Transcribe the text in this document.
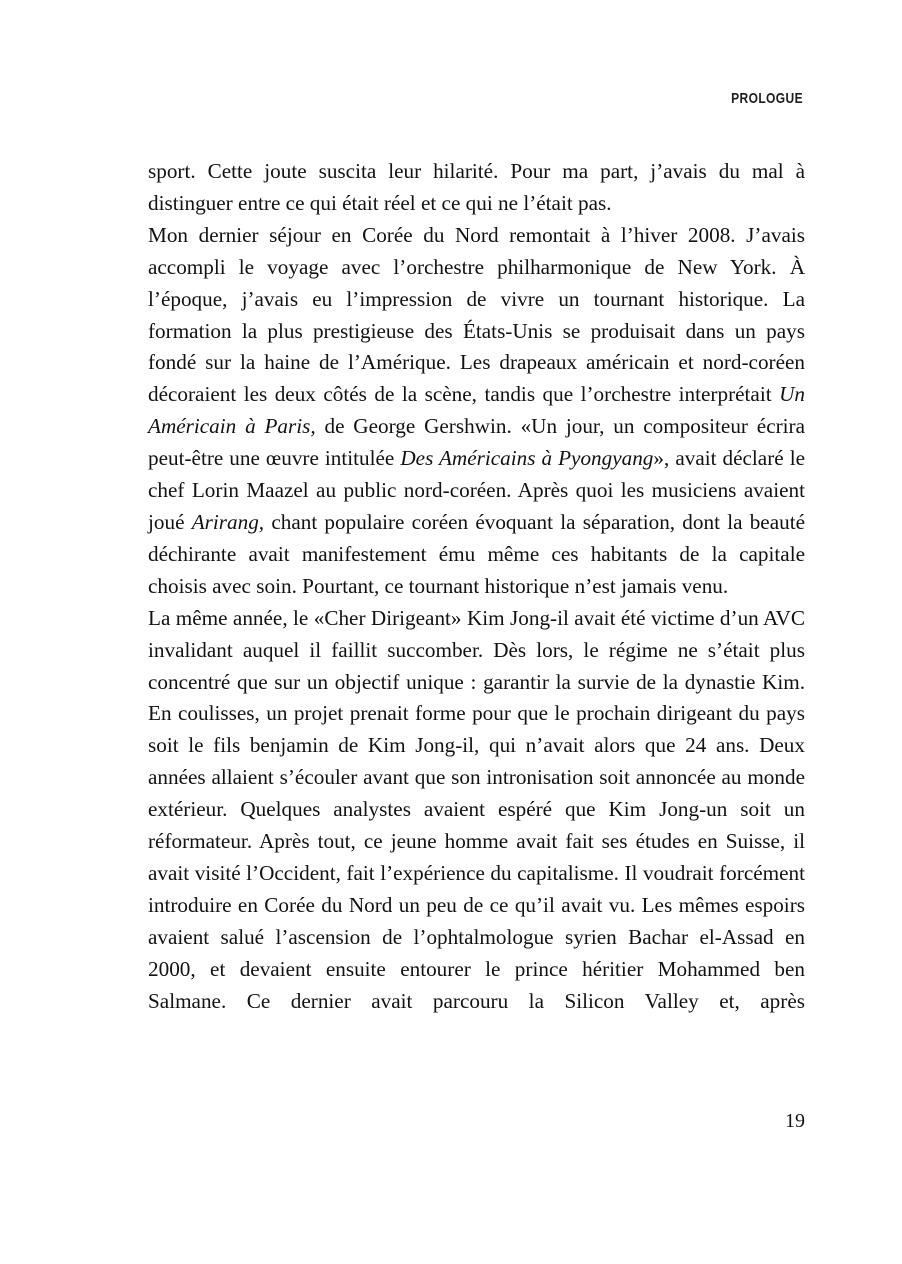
PROLOGUE

sport. Cette joute suscita leur hilarité. Pour ma part, j’avais du mal à distinguer entre ce qui était réel et ce qui ne l’était pas.

Mon dernier séjour en Corée du Nord remontait à l’hiver 2008. J’avais accompli le voyage avec l’orchestre philharmonique de New York. À l’époque, j’avais eu l’impression de vivre un tournant historique. La formation la plus prestigieuse des États-Unis se produisait dans un pays fondé sur la haine de l’Amérique. Les drapeaux américain et nord-coréen décoraient les deux côtés de la scène, tandis que l’orchestre interprétait Un Américain à Paris, de George Gershwin. «Un jour, un compositeur écrira peut-être une œuvre intitulée Des Américains à Pyongyang», avait déclaré le chef Lorin Maazel au public nord-coréen. Après quoi les musiciens avaient joué Arirang, chant populaire coréen évoquant la séparation, dont la beauté déchirante avait manifestement ému même ces habitants de la capitale choisis avec soin. Pourtant, ce tournant historique n’est jamais venu.

La même année, le «Cher Dirigeant» Kim Jong-il avait été victime d’un AVC invalidant auquel il faillit succomber. Dès lors, le régime ne s’était plus concentré que sur un objectif unique : garantir la survie de la dynastie Kim. En coulisses, un projet prenait forme pour que le prochain dirigeant du pays soit le fils benjamin de Kim Jong-il, qui n’avait alors que 24 ans. Deux années allaient s’écouler avant que son intronisation soit annoncée au monde extérieur. Quelques analystes avaient espéré que Kim Jong-un soit un réformateur. Après tout, ce jeune homme avait fait ses études en Suisse, il avait visité l’Occident, fait l’expérience du capitalisme. Il voudrait forcément introduire en Corée du Nord un peu de ce qu’il avait vu. Les mêmes espoirs avaient salué l’ascension de l’ophtalmologue syrien Bachar el-Assad en 2000, et devaient ensuite entourer le prince héritier Mohammed ben Salmane. Ce dernier avait parcouru la Silicon Valley et, après

19
